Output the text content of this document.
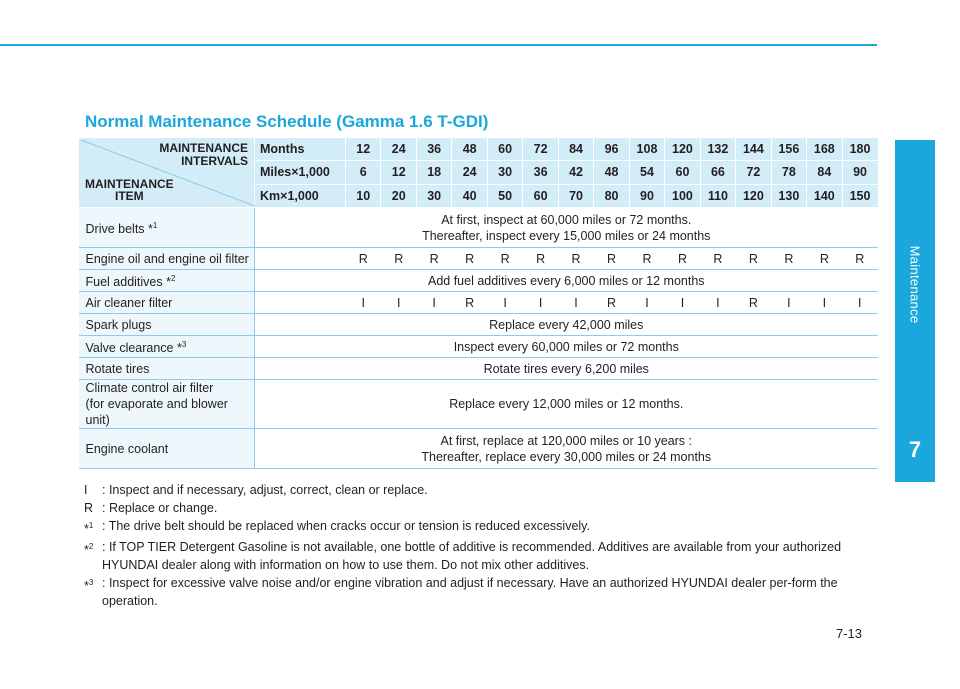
Maintenance
7
Normal Maintenance Schedule (Gamma 1.6 T-GDI)
MAINTENANCE
INTERVALS
MAINTENANCE
ITEM	Months	12	24	36	48	60	72	84	96	108	120	132	144	156	168	180
	Miles×1,000	6	12	18	24	30	36	42	48	54	60	66	72	78	84	90
	Km×1,000	10	20	30	40	50	60	70	80	90	100	110	120	130	140	150
Drive belts *$^1$	At first, inspect at 60,000 miles or 72 months.
Thereafter, inspect every 15,000 miles or 24 months															
Engine oil and engine oil filter		R	R	R	R	R	R	R	R	R	R	R	R	R	R	R
Fuel additives *$^2$	Add fuel additives every 6,000 miles or 12 months															
Air cleaner filter		I	I	I	R	I	I	I	R	I	I	I	R	I	I	I
Spark plugs	Replace every 42,000 miles															
Valve clearance *$^3$	Inspect every 60,000 miles or 72 months															
Rotate tires	Rotate tires every 6,200 miles															
Climate control air filter
(for evaporate and blower unit)	Replace every 12,000 miles or 12 months.															
Engine coolant	At first, replace at 120,000 miles or 10 years :
Thereafter, replace every 30,000 miles or 24 months															
I	: Inspect and if necessary, adjust, correct, clean or replace.
R : Replace or change.
*$^1$ : The drive belt should be replaced when cracks occur or tension is reduced excessively.
*$^2$ : If TOP TIER Detergent Gasoline is not available, one bottle of additive is recommended. Additives are available from your authorized HYUNDAI dealer along with information on how to use them. Do not mix other additives.
*$^3$ : Inspect for excessive valve noise and/or engine vibration and adjust if necessary. Have an authorized HYUNDAI dealer per-form the operation.
7-13
